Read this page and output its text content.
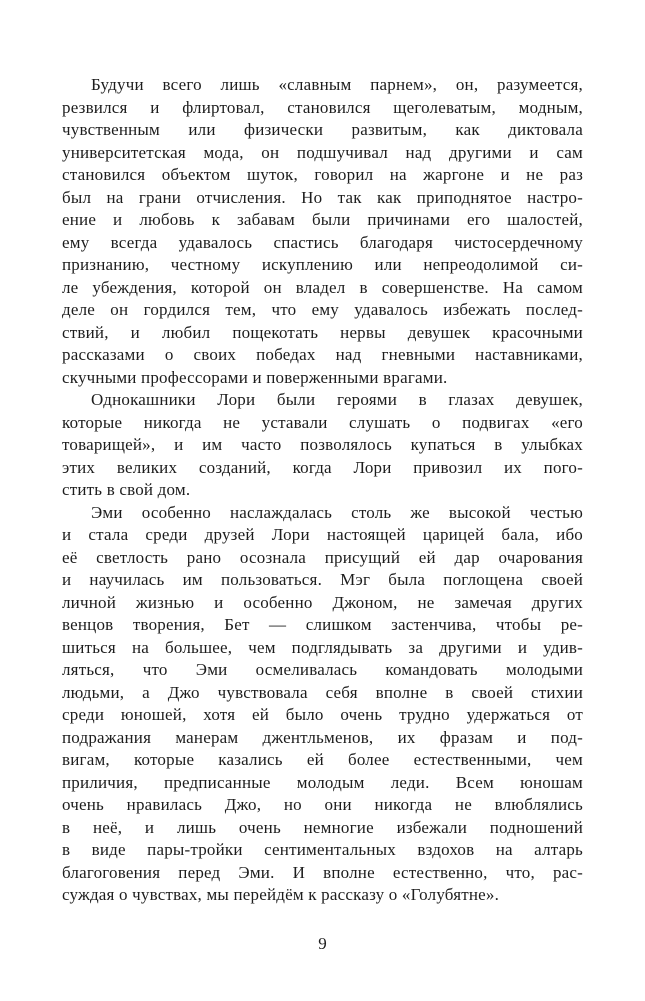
Будучи всего лишь «славным парнем», он, разумеется,
резвился и флиртовал, становился щеголеватым, модным,
чувственным или физически развитым, как диктовала
университетская мода, он подшучивал над другими и сам
становился объектом шуток, говорил на жаргоне и не раз
был на грани отчисления. Но так как приподнятое настро-
ение и любовь к забавам были причинами его шалостей,
ему всегда удавалось спастись благодаря чистосердечному
признанию, честному искуплению или непреодолимой си-
ле убеждения, которой он владел в совершенстве. На самом
деле он гордился тем, что ему удавалось избежать послед-
ствий, и любил пощекотать нервы девушек красочными
рассказами о своих победах над гневными наставниками,
скучными профессорами и поверженными врагами.
Однокашники Лори были героями в глазах девушек,
которые никогда не уставали слушать о подвигах «его
товарищей», и им часто позволялось купаться в улыбках
этих великих созданий, когда Лори привозил их пого-
стить в свой дом.
Эми особенно наслаждалась столь же высокой честью
и стала среди друзей Лори настоящей царицей бала, ибо
её светлость рано осознала присущий ей дар очарования
и научилась им пользоваться. Мэг была поглощена своей
личной жизнью и особенно Джоном, не замечая других
венцов творения, Бет — слишком застенчива, чтобы ре-
шиться на большее, чем подглядывать за другими и удив-
ляться, что Эми осмеливалась командовать молодыми
людьми, а Джо чувствовала себя вполне в своей стихии
среди юношей, хотя ей было очень трудно удержаться от
подражания манерам джентльменов, их фразам и под-
вигам, которые казались ей более естественными, чем
приличия, предписанные молодым леди. Всем юношам
очень нравилась Джо, но они никогда не влюблялись
в неё, и лишь очень немногие избежали подношений
в виде пары-тройки сентиментальных вздохов на алтарь
благоговения перед Эми. И вполне естественно, что, рас-
суждая о чувствах, мы перейдём к рассказу о «Голубятне».
9
